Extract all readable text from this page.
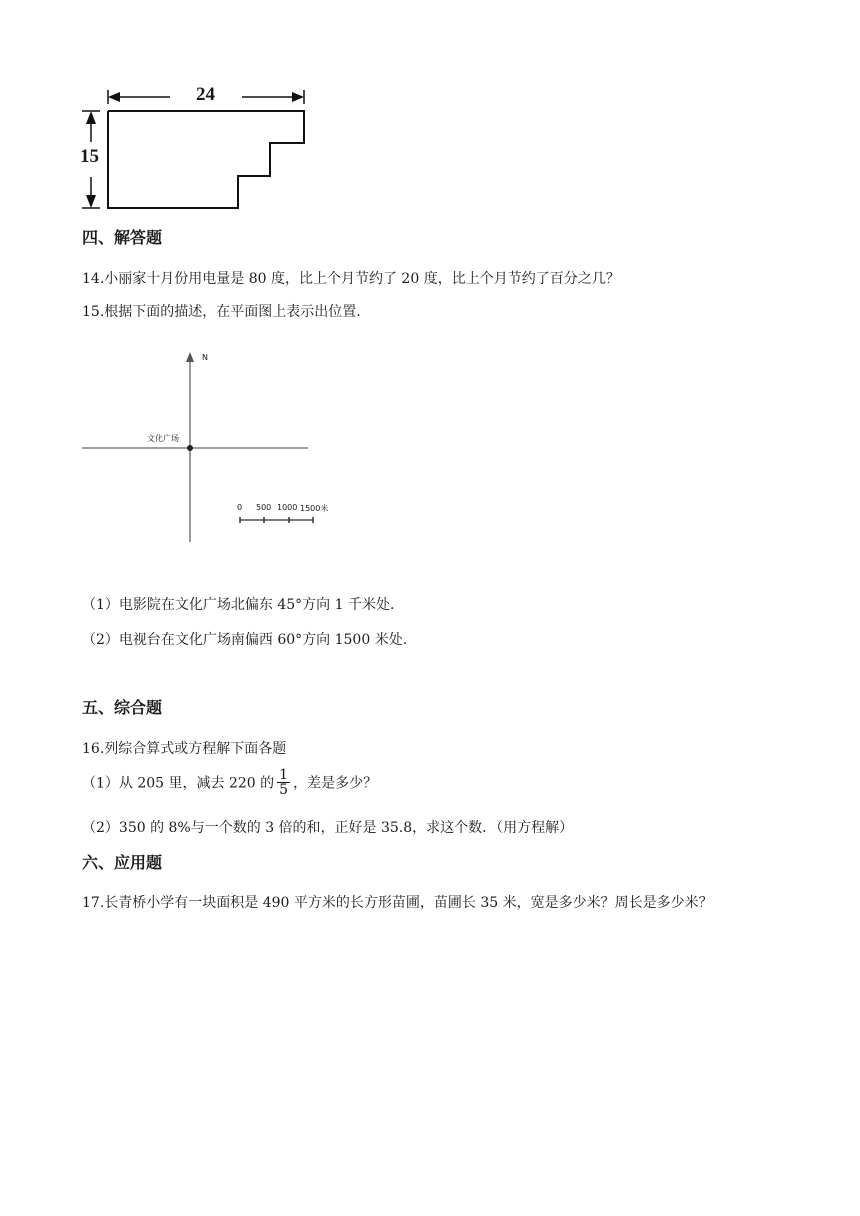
24
15
四、解答题
14.小丽家十月份用电量是 80 度，比上个月节约了 20 度，比上个月节约了百分之几？
15.根据下面的描述，在平面图上表示出位置.
N
文化广场
0 500 1000 1500米
（1）电影院在文化广场北偏东 45°方向 1 千米处.
（2）电视台在文化广场南偏西 60°方向 1500 米处.
五、综合题
16.列综合算式或方程解下面各题
（1）从 205 里，减去 220 的 $\frac{1}{5}$ ，差是多少？
（2）350 的 8%与一个数的 3 倍的和，正好是 35.8，求这个数．（用方程解）
六、应用题
17.长青桥小学有一块面积是 490 平方米的长方形苗圃，苗圃长 35 米，宽是多少米？周长是多少米？
